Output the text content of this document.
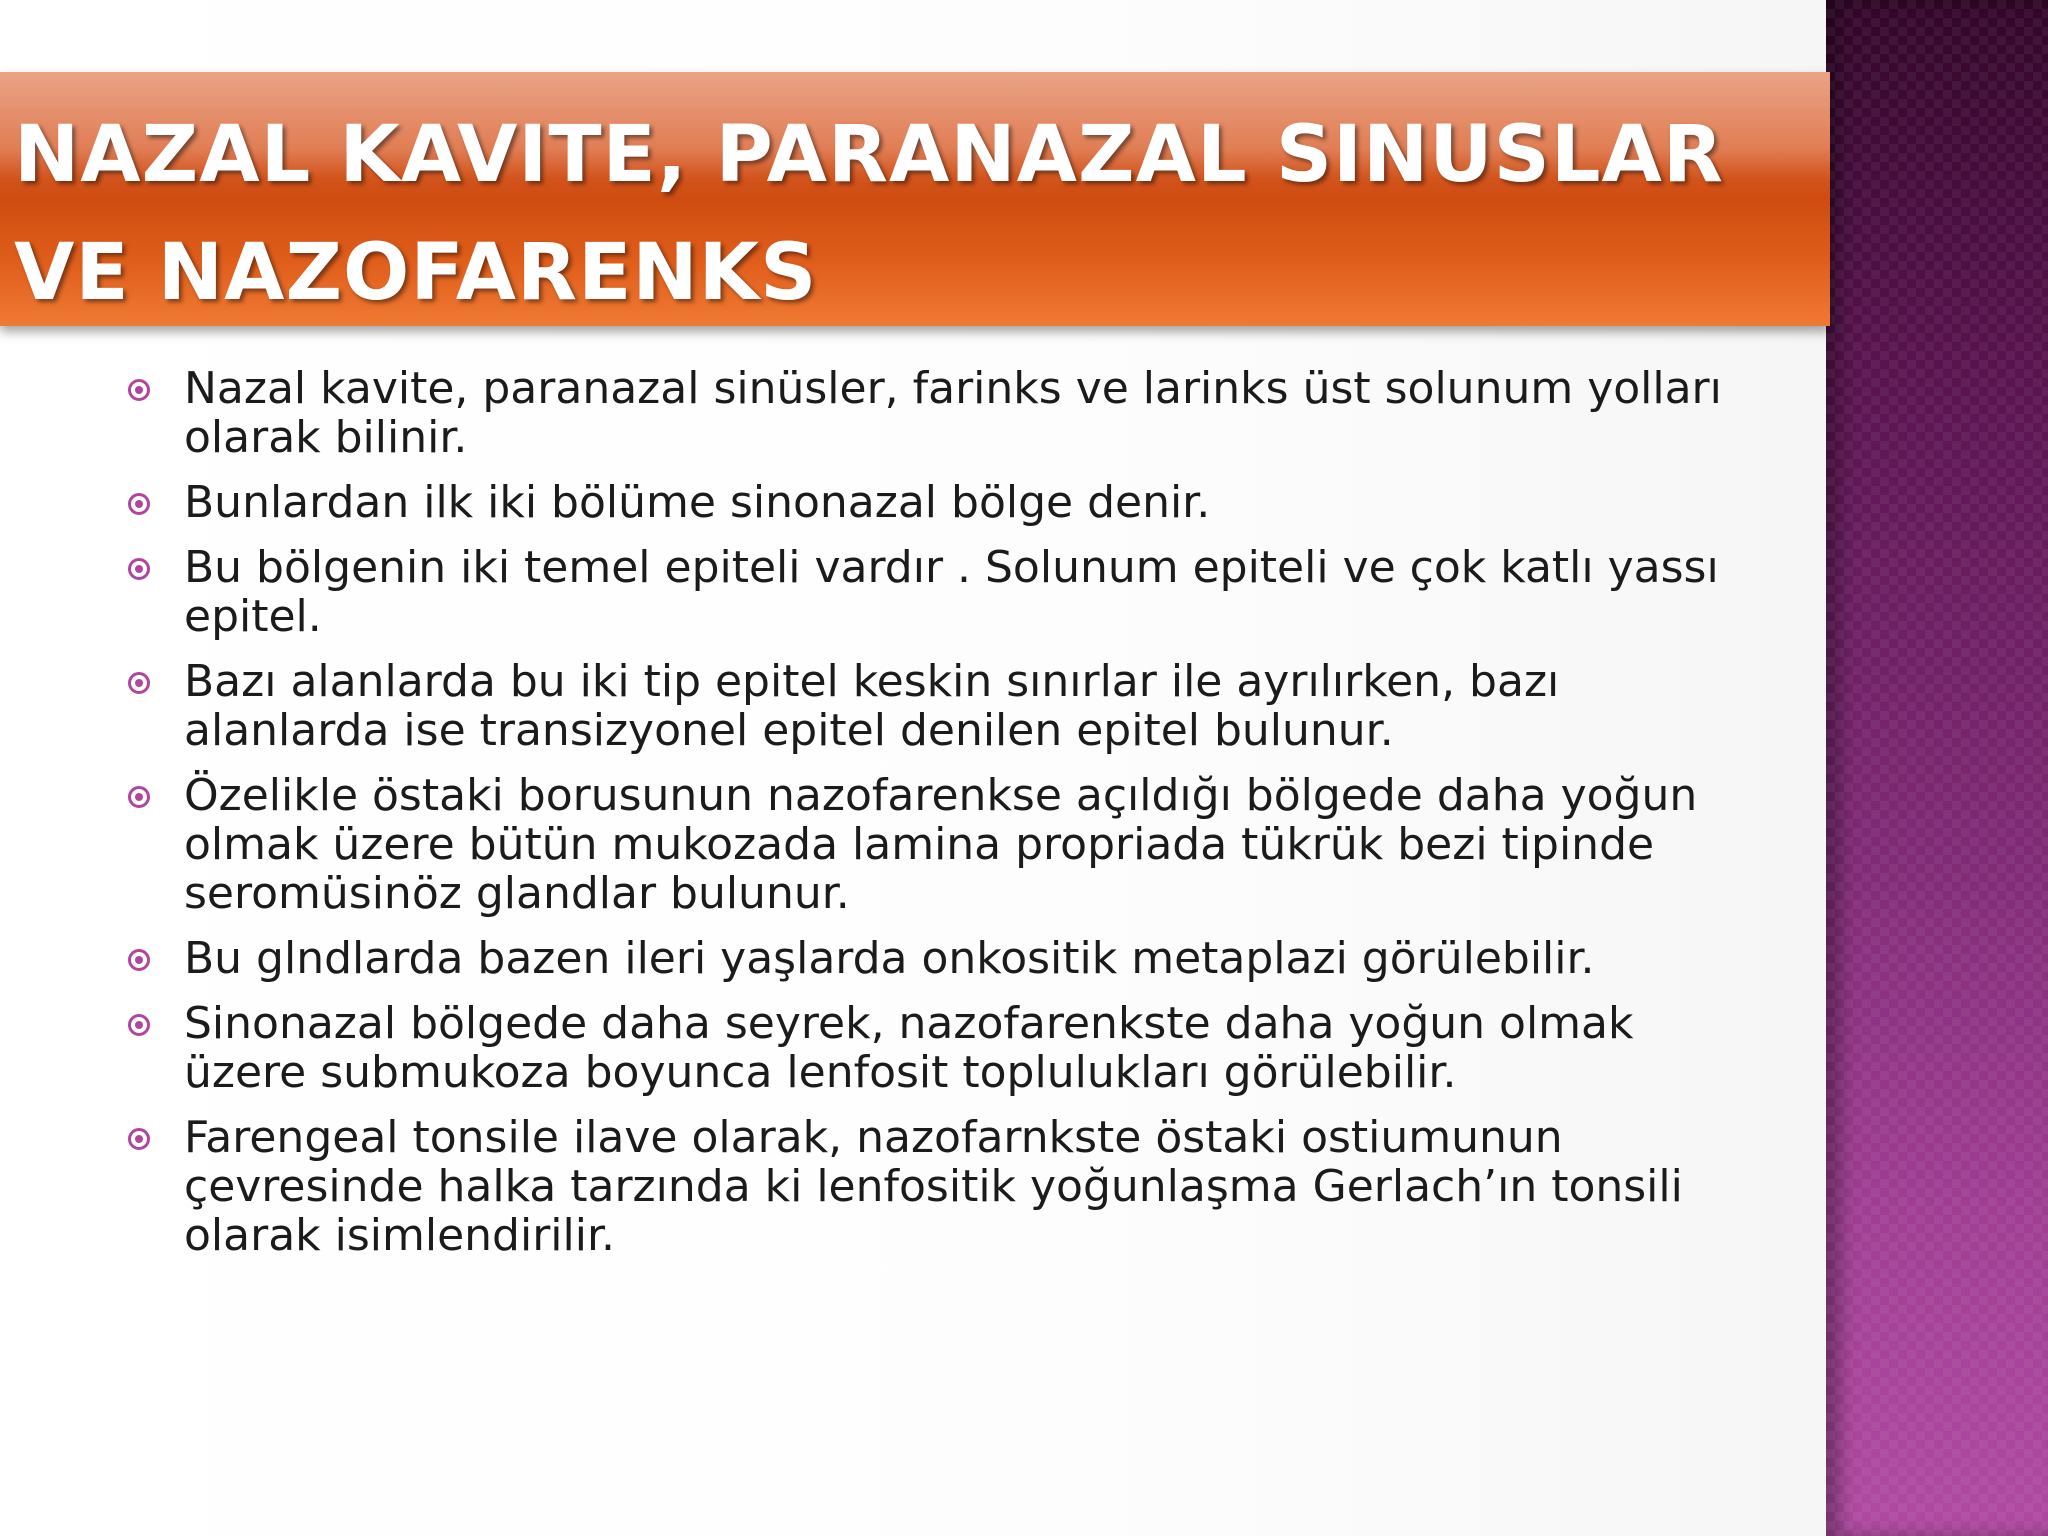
NAZAL KAVITE, PARANAZAL SINUSLAR VE NAZOFARENKS
Nazal kavite, paranazal sinüsler, farinks ve larinks üst solunum yolları olarak bilinir.
Bunlardan ilk iki bölüme sinonazal bölge denir.
Bu bölgenin iki temel epiteli vardır . Solunum epiteli ve çok katlı yassı epitel.
Bazı alanlarda bu iki tip epitel keskin sınırlar ile ayrılırken, bazı alanlarda ise transizyonel epitel denilen epitel bulunur.
Özelikle östaki borusunun nazofarenkse açıldığı bölgede daha yoğun olmak üzere bütün mukozada lamina propriada tükrük bezi tipinde seromüsinöz glandlar bulunur.
Bu glndlarda bazen ileri yaşlarda onkositik metaplazi görülebilir.
Sinonazal bölgede daha seyrek, nazofarenkste daha yoğun olmak üzere submukoza boyunca lenfosit toplulukları görülebilir.
Farengeal tonsile ilave olarak, nazofarnkste östaki ostiumunun çevresinde halka tarzında ki lenfositik yoğunlaşma Gerlach’ın tonsili olarak isimlendirilir.
